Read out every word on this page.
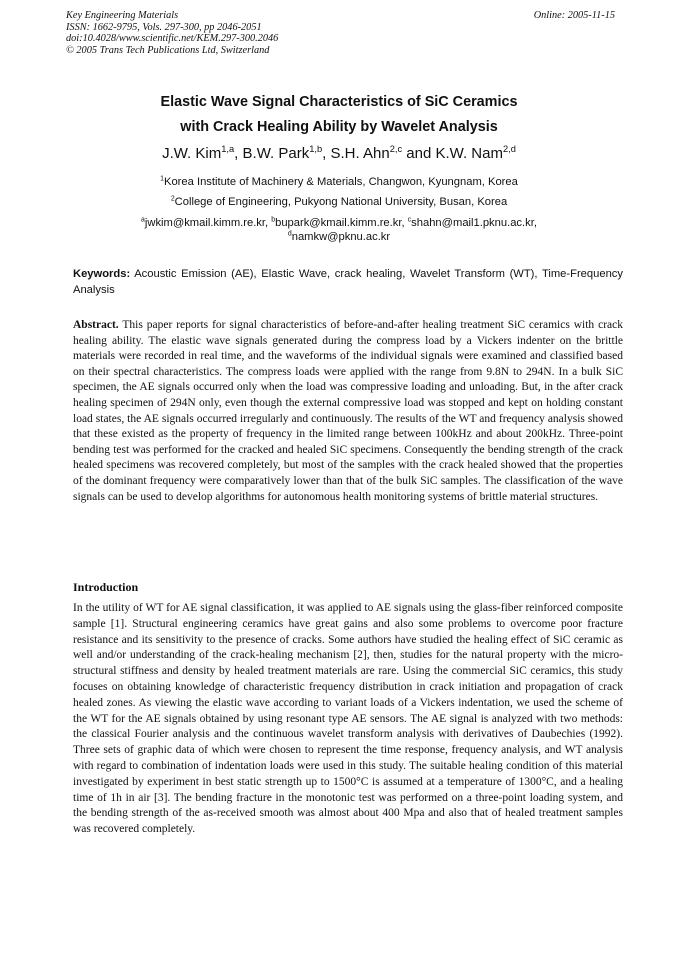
Key Engineering Materials
ISSN: 1662-9795, Vols. 297-300, pp 2046-2051
doi:10.4028/www.scientific.net/KEM.297-300.2046
© 2005 Trans Tech Publications Ltd, Switzerland
Online: 2005-11-15
Elastic Wave Signal Characteristics of SiC Ceramics
with Crack Healing Ability by Wavelet Analysis
J.W. Kim$^{1,a}$, B.W. Park$^{1,b}$, S.H. Ahn$^{2,c}$ and K.W. Nam$^{2,d}$
$^1$Korea Institute of Machinery & Materials, Changwon, Kyungnam, Korea
$^2$College of Engineering, Pukyong National University, Busan, Korea
$^a$jwkim@kmail.kimm.re.kr, $^b$bupark@kmail.kimm.re.kr, $^c$shahn@mail1.pknu.ac.kr,
$^d$namkw@pknu.ac.kr
Keywords: Acoustic Emission (AE), Elastic Wave, crack healing, Wavelet Transform (WT), Time-Frequency Analysis
Abstract. This paper reports for signal characteristics of before-and-after healing treatment SiC ceramics with crack healing ability. The elastic wave signals generated during the compress load by a Vickers indenter on the brittle materials were recorded in real time, and the waveforms of the individual signals were examined and classified based on their spectral characteristics. The compress loads were applied with the range from 9.8N to 294N. In a bulk SiC specimen, the AE signals occurred only when the load was compressive loading and unloading. But, in the after crack healing specimen of 294N only, even though the external compressive load was stopped and kept on holding constant load states, the AE signals occurred irregularly and continuously. The results of the WT and frequency analysis showed that these existed as the property of frequency in the limited range between 100kHz and about 200kHz. Three-point bending test was performed for the cracked and healed SiC specimens. Consequently the bending strength of the crack healed specimens was recovered completely, but most of the samples with the crack healed showed that the properties of the dominant frequency were comparatively lower than that of the bulk SiC samples. The classification of the wave signals can be used to develop algorithms for autonomous health monitoring systems of brittle material structures.
Introduction
In the utility of WT for AE signal classification, it was applied to AE signals using the glass-fiber reinforced composite sample [1]. Structural engineering ceramics have great gains and also some problems to overcome poor fracture resistance and its sensitivity to the presence of cracks. Some authors have studied the healing effect of SiC ceramic as well and/or understanding of the crack-healing mechanism [2], then, studies for the natural property with the micro-structural stiffness and density by healed treatment materials are rare. Using the commercial SiC ceramics, this study focuses on obtaining knowledge of characteristic frequency distribution in crack initiation and propagation of crack healed zones. As viewing the elastic wave according to variant loads of a Vickers indentation, we used the scheme of the WT for the AE signals obtained by using resonant type AE sensors. The AE signal is analyzed with two methods: the classical Fourier analysis and the continuous wavelet transform analysis with derivatives of Daubechies (1992). Three sets of graphic data of which were chosen to represent the time response, frequency analysis, and WT analysis with regard to combination of indentation loads were used in this study. The suitable healing condition of this material investigated by experiment in best static strength up to 1500°C is assumed at a temperature of 1300°C, and a healing time of 1h in air [3]. The bending fracture in the monotonic test was performed on a three-point loading system, and the bending strength of the as-received smooth was almost about 400 Mpa and also that of healed treatment samples was recovered completely.
